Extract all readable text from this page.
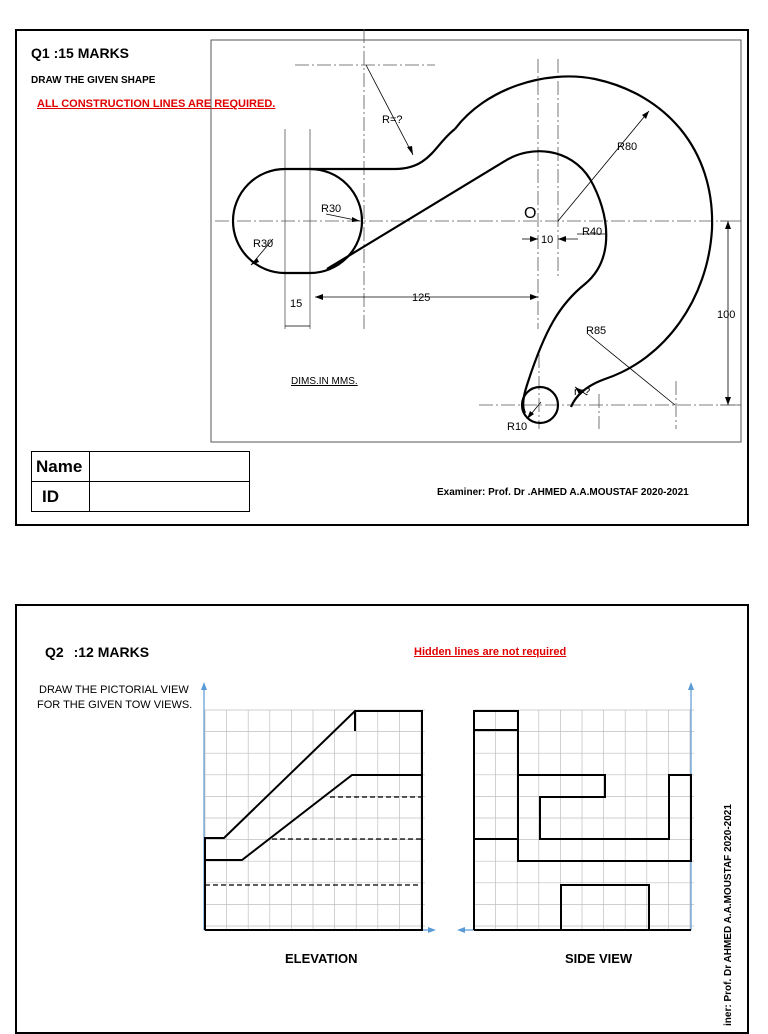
Q1 :15 MARKS
DRAW THE GIVEN SHAPE
ALL CONSTRUCTION LINES ARE REQUIRED.
R=?
R80
R30
R30
O
10
R40
15	125
100
R85
r=?
R10
DIMS.IN MMS.
Name	
ID		Examiner: Prof. Dr .AHMED A.A.MOUSTAF 2020-2021
Q2 :12 MARKS	Hidden lines are not required
DRAW THE PICTORIAL VIEW
FOR THE GIVEN TOW VIEWS.
ELEVATION	SIDE VIEW	iner: Prof. Dr AHMED A.A.MOUSTAF 2020-2021
